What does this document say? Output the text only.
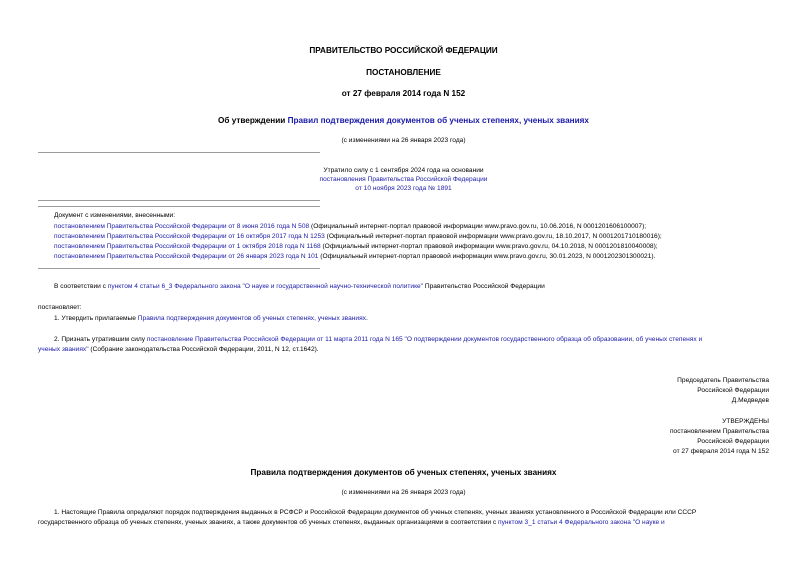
ПРАВИТЕЛЬСТВО РОССИЙСКОЙ ФЕДЕРАЦИИ
ПОСТАНОВЛЕНИЕ
от 27 февраля 2014 года N 152
Об утверждении Правил подтверждения документов об ученых степенях, ученых званиях
(с изменениями на 26 января 2023 года)
Утратило силу с 1 сентября 2024 года на основании
постановления Правительства Российской Федерации
от 10 ноября 2023 года № 1891
Документ с изменениями, внесенными:
постановлением Правительства Российской Федерации от 8 июня 2016 года N 508 (Официальный интернет-портал правовой информации www.pravo.gov.ru, 10.06.2016, N 0001201606100007);
постановлением Правительства Российской Федерации от 16 октября 2017 года N 1253 (Официальный интернет-портал правовой информации www.pravo.gov.ru, 18.10.2017, N 0001201710180016);
постановлением Правительства Российской Федерации от 1 октября 2018 года N 1168 (Официальный интернет-портал правовой информации www.pravo.gov.ru, 04.10.2018, N 0001201810040008);
постановлением Правительства Российской Федерации от 26 января 2023 года N 101 (Официальный интернет-портал правовой информации www.pravo.gov.ru, 30.01.2023, N 0001202301300021).
В соответствии с пунктом 4 статьи 6_3 Федерального закона "О науке и государственной научно-технической политике" Правительство Российской Федерации
постановляет:
1. Утвердить прилагаемые Правила подтверждения документов об ученых степенях, ученых званиях.
2. Признать утратившим силу постановление Правительства Российской Федерации от 11 марта 2011 года N 165 "О подтверждении документов государственного образца об образовании, об ученых степенях и
ученых званиях" (Собрание законодательства Российской Федерации, 2011, N 12, ст.1642).
Председатель Правительства
Российской Федерации
Д.Медведев
УТВЕРЖДЕНЫ
постановлением Правительства
Российской Федерации
от 27 февраля 2014 года N 152
Правила подтверждения документов об ученых степенях, ученых званиях
(с изменениями на 26 января 2023 года)
1. Настоящие Правила определяют порядок подтверждения выданных в РСФСР и Российской Федерации документов об ученых степенях, ученых званиях установленного в Российской Федерации или СССР
государственного образца об ученых степенях, ученых званиях, а также документов об ученых степенях, выданных организациями в соответствии с пунктом 3_1 статьи 4 Федерального закона "О науке и
